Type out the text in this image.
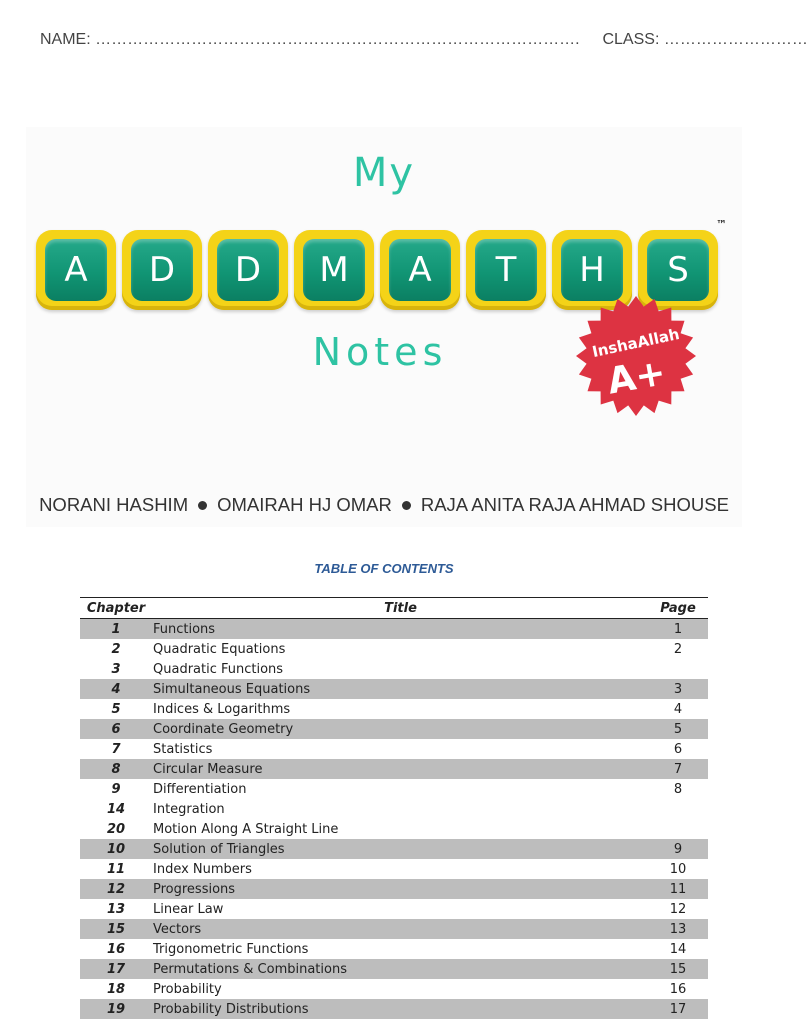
NAME: ………………………………………………………………………………. CLASS: ………………………
My
A	D	D	M	A	T	H	S
™
Notes	InshaAllah
A+
NORANI HASHIM OMAIRAH HJ OMAR RAJA ANITA RAJA AHMAD SHOUSE
TABLE OF CONTENTS
Chapter	Title	Page
1	Functions	1
2	Quadratic Equations	2
3	Quadratic Functions	
4	Simultaneous Equations	3
5	Indices & Logarithms	4
6	Coordinate Geometry	5
7	Statistics	6
8	Circular Measure	7
9	Differentiation	8
14	Integration	
20	Motion Along A Straight Line	
10	Solution of Triangles	9
11	Index Numbers	10
12	Progressions	11
13	Linear Law	12
15	Vectors	13
16	Trigonometric Functions	14
17	Permutations & Combinations	15
18	Probability	16
19	Probability Distributions	17
